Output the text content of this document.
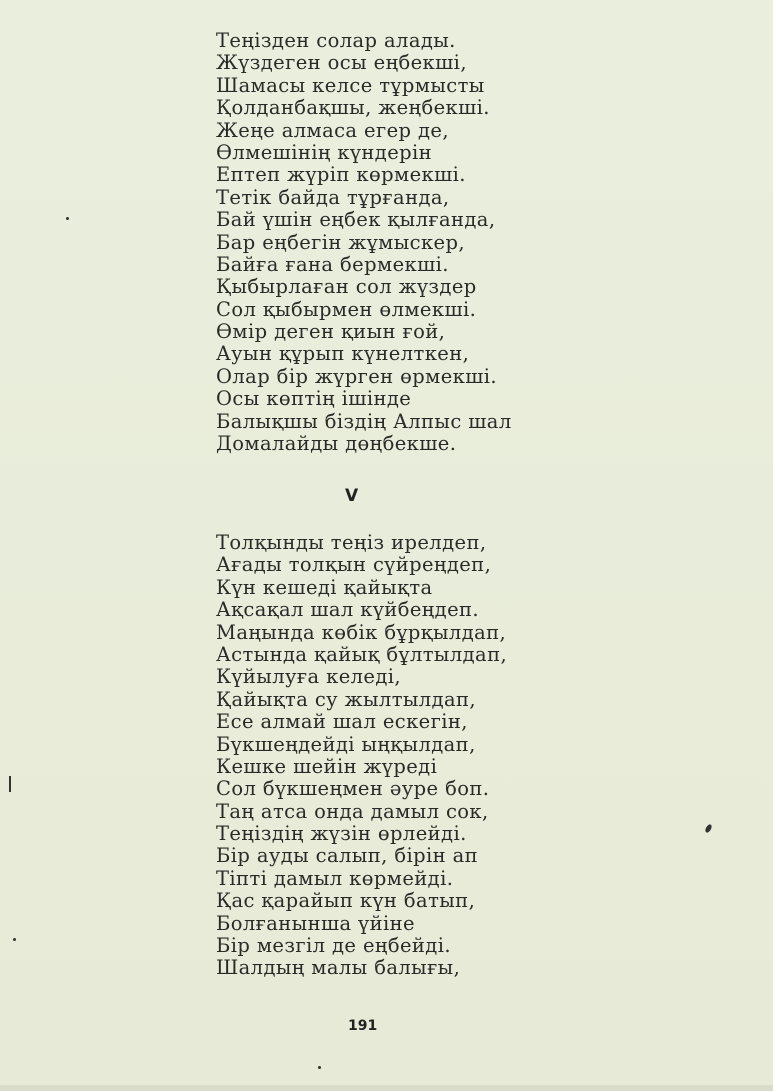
Теңізден солар алады.
Жүздеген осы еңбекші,
Шамасы келсе тұрмысты
Қолданбақшы, жеңбекші.
Жеңе алмаса егер де,
Өлмешінің күндерін
Ептеп жүріп көрмекші.
Тетік байда тұрғанда,
Бай үшін еңбек қылғанда,
Бар еңбегін жұмыскер,
Байға ғана бермекші.
Қыбырлаған сол жүздер
Сол қыбырмен өлмекші.
Өмір деген қиын ғой,
Ауын құрып күнелткен,
Олар бір жүрген өрмекші.
Осы көптің ішінде
Балықшы біздің Алпыс шал
Домалайды дөңбекше.
V
Толқынды теңіз ирелдеп,
Ағады толқын сүйреңдеп,
Күн кешеді қайықта
Ақсақал шал күйбеңдеп.
Маңында көбік бұрқылдап,
Астында қайық бұлтылдап,
Күйылуға келеді,
Қайықта су жылтылдап,
Есе алмай шал ескегін,
Бүкшеңдейді ыңқылдап,
Кешке шейін жүреді
Сол бүкшеңмен әуре боп.
Таң атса онда дамыл сок,
Теңіздің жүзін өрлейді.
Бір ауды салып, бірін ап
Тіпті дамыл көрмейді.
Қас қарайып күн батып,
Болғанынша үйіне
Бір мезгіл де еңбейді.
Шалдың малы балығы,
191
